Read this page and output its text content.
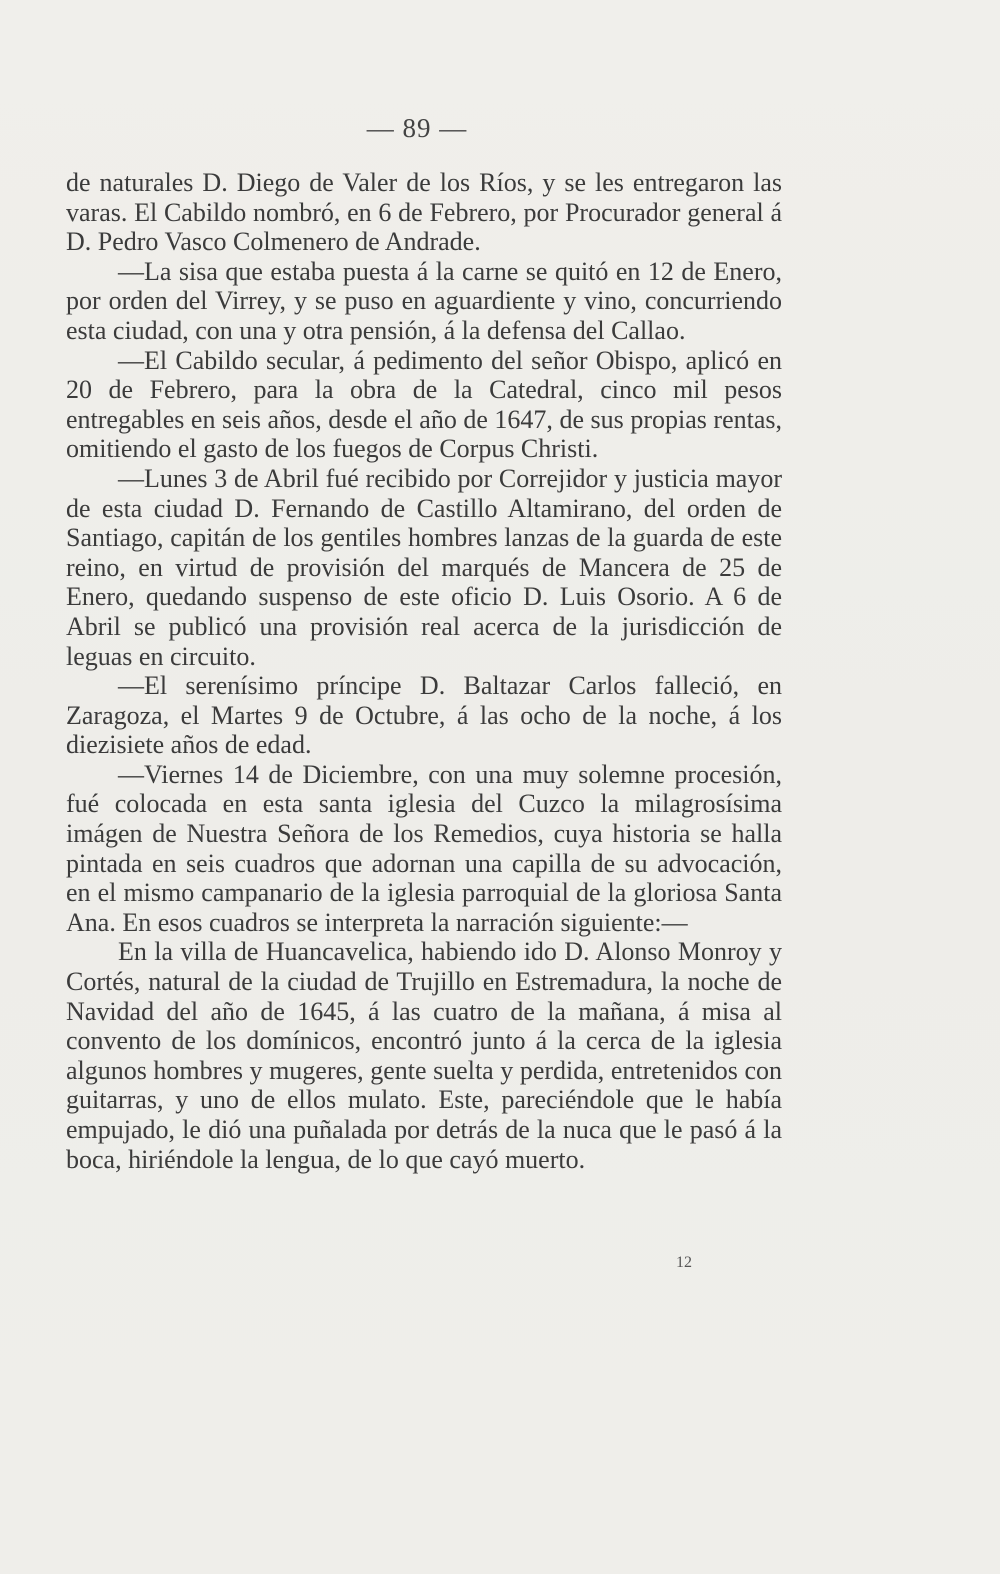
— 89 —

de naturales D. Diego de Valer de los Ríos, y se les entregaron las varas. El Cabildo nombró, en 6 de Febrero, por Procurador general á D. Pedro Vasco Colmenero de Andrade.

—La sisa que estaba puesta á la carne se quitó en 12 de Enero, por orden del Virrey, y se puso en aguardiente y vino, concurriendo esta ciudad, con una y otra pensión, á la defensa del Callao.

—El Cabildo secular, á pedimento del señor Obispo, aplicó en 20 de Febrero, para la obra de la Catedral, cinco mil pesos entregables en seis años, desde el año de 1647, de sus propias rentas, omitiendo el gasto de los fuegos de Corpus Christi.

—Lunes 3 de Abril fué recibido por Correjidor y justicia mayor de esta ciudad D. Fernando de Castillo Altamirano, del orden de Santiago, capitán de los gentiles hombres lanzas de la guarda de este reino, en virtud de provisión del marqués de Mancera de 25 de Enero, quedando suspenso de este oficio D. Luis Osorio. A 6 de Abril se publicó una provisión real acerca de la jurisdicción de leguas en circuito.

—El serenísimo príncipe D. Baltazar Carlos falleció, en Zaragoza, el Martes 9 de Octubre, á las ocho de la noche, á los diezisiete años de edad.

—Viernes 14 de Diciembre, con una muy solemne procesión, fué colocada en esta santa iglesia del Cuzco la milagrosísima imágen de Nuestra Señora de los Remedios, cuya historia se halla pintada en seis cuadros que adornan una capilla de su advocación, en el mismo campanario de la iglesia parroquial de la gloriosa Santa Ana. En esos cuadros se interpreta la narración siguiente:—

En la villa de Huancavelica, habiendo ido D. Alonso Monroy y Cortés, natural de la ciudad de Trujillo en Estremadura, la noche de Navidad del año de 1645, á las cuatro de la mañana, á misa al convento de los domínicos, encontró junto á la cerca de la iglesia algunos hombres y mugeres, gente suelta y perdida, entretenidos con guitarras, y uno de ellos mulato. Este, pareciéndole que le había empujado, le dió una puñalada por detrás de la nuca que le pasó á la boca, hiriéndole la lengua, de lo que cayó muerto.

12
